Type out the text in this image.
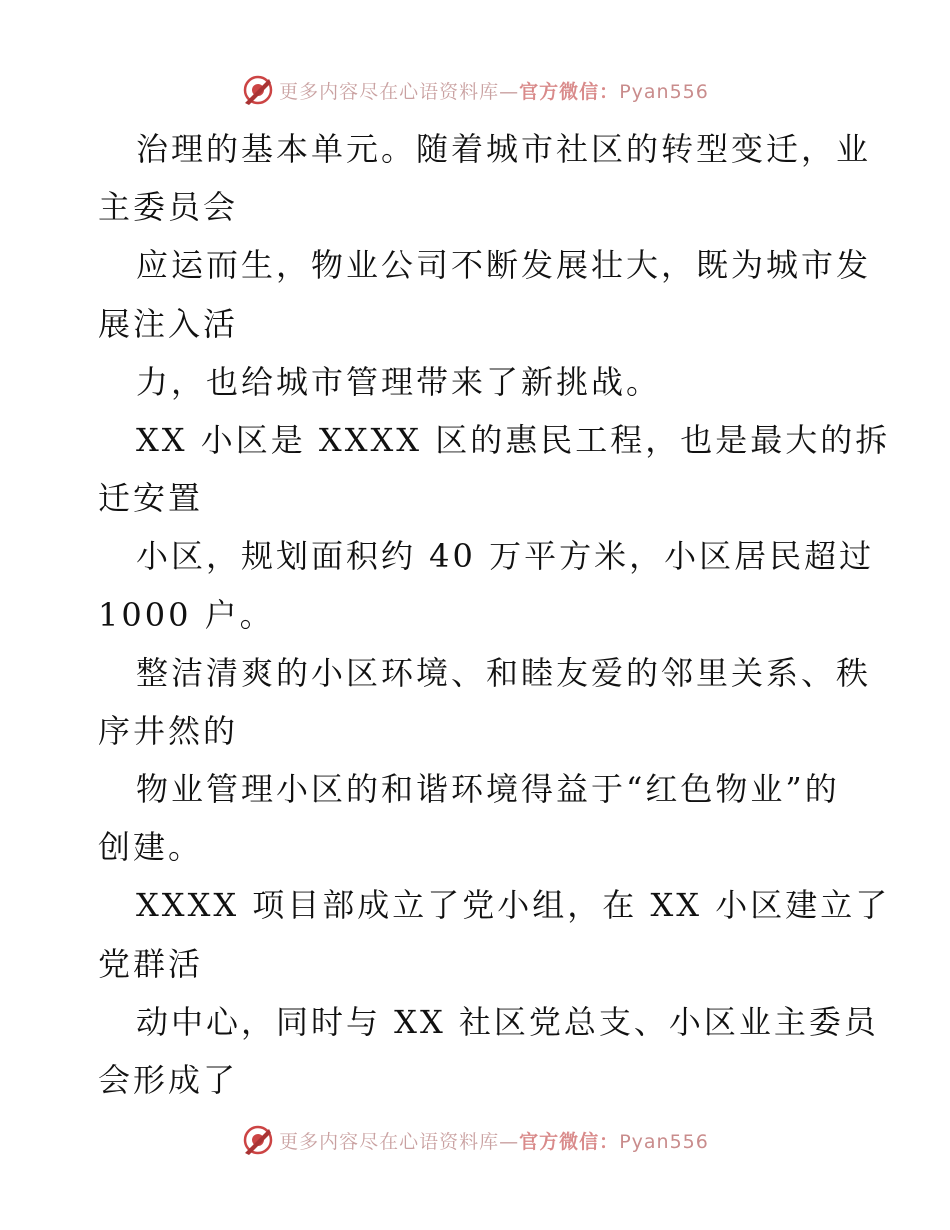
更多内容尽在心语资料库—官方微信：Pyan556
治理的基本单元。随着城市社区的转型变迁，业
主委员会
应运而生，物业公司不断发展壮大，既为城市发
展注入活
力，也给城市管理带来了新挑战。
XX 小区是 XXXX 区的惠民工程，也是最大的拆
迁安置
小区，规划面积约 40 万平方米，小区居民超过
1000 户。
整洁清爽的小区环境、和睦友爱的邻里关系、秩
序井然的
物业管理小区的和谐环境得益于“红色物业”的
创建。
XXXX 项目部成立了党小组，在 XX 小区建立了
党群活
动中心，同时与 XX 社区党总支、小区业主委员
会形成了
更多内容尽在心语资料库—官方微信：Pyan556
